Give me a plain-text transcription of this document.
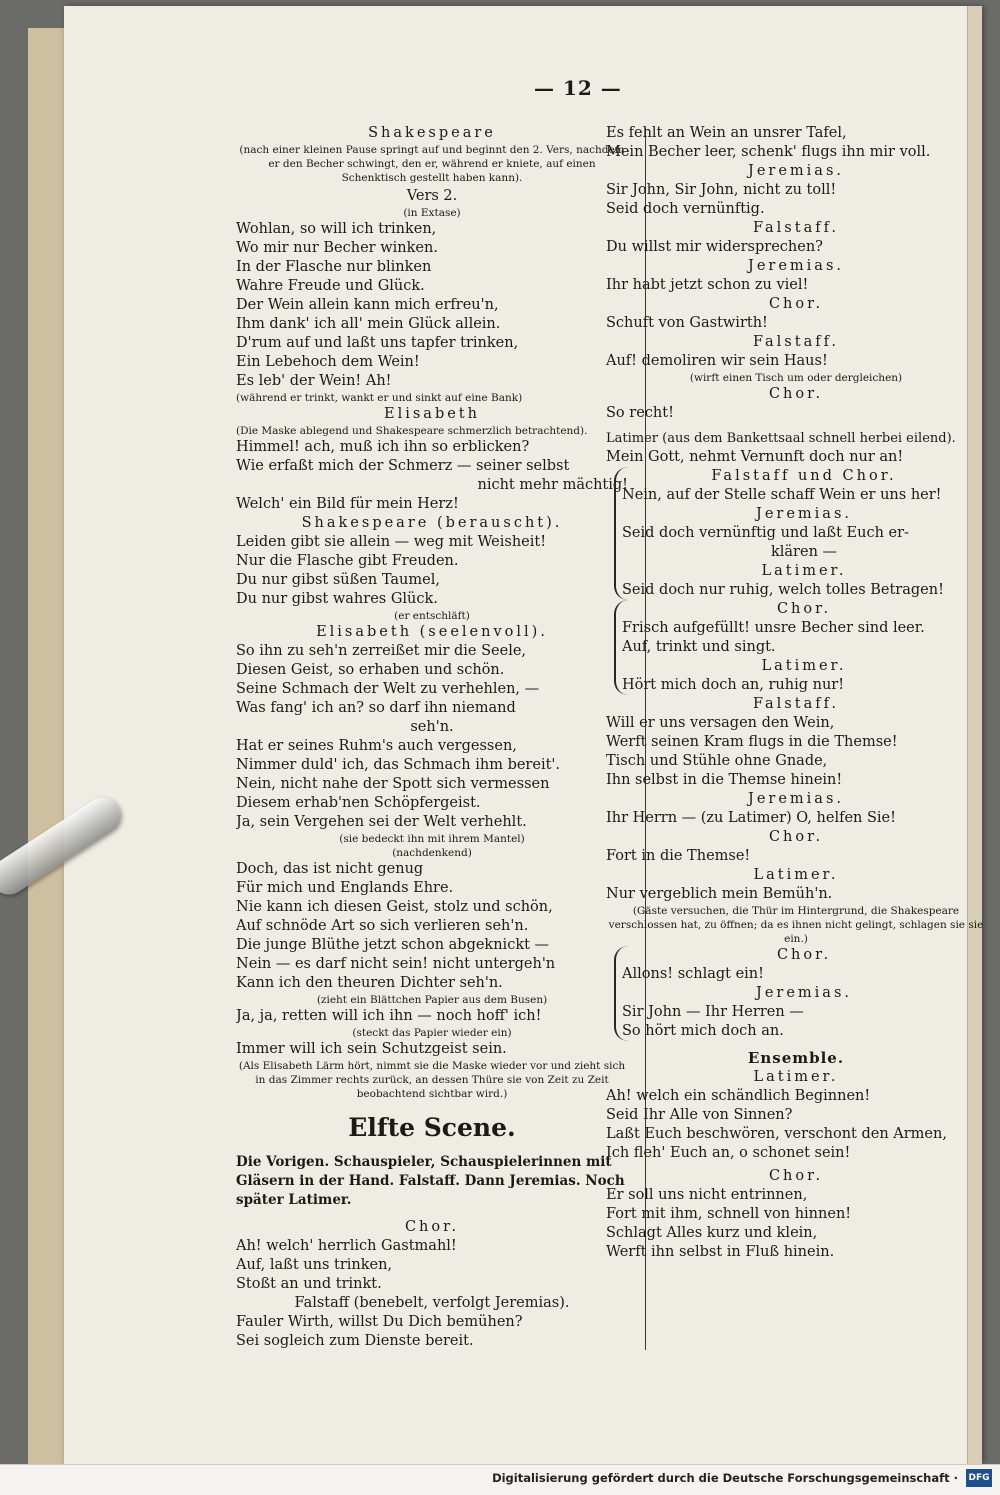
— 12 —
Shakespeare
(nach einer kleinen Pause springt auf und beginnt den 2. Vers, nachdem er den Becher schwingt, den er, während er kniete, auf einen Schenktisch gestellt haben kann).
Vers 2.
(in Extase)
Wohlan, so will ich trinken,
Wo mir nur Becher winken.
In der Flasche nur blinken
Wahre Freude und Glück.
Der Wein allein kann mich erfreu'n,
Ihm dank' ich all' mein Glück allein.
D'rum auf und laßt uns tapfer trinken,
Ein Lebehoch dem Wein!
Es leb' der Wein! Ah!
(während er trinkt, wankt er und sinkt auf eine Bank)
Elisabeth
(Die Maske ablegend und Shakespeare schmerzlich betrachtend).
Himmel! ach, muß ich ihn so erblicken?
Wie erfaßt mich der Schmerz — seiner selbst
nicht mehr mächtig!
Welch' ein Bild für mein Herz!
Shakespeare (berauscht).
Leiden gibt sie allein — weg mit Weisheit!
Nur die Flasche gibt Freuden.
Du nur gibst süßen Taumel,
Du nur gibst wahres Glück.
(er entschläft)
Elisabeth (seelenvoll).
So ihn zu seh'n zerreißet mir die Seele,
Diesen Geist, so erhaben und schön.
Seine Schmach der Welt zu verhehlen, —
Was fang' ich an? so darf ihn niemand
seh'n.
Hat er seines Ruhm's auch vergessen,
Nimmer duld' ich, das Schmach ihm bereit'.
Nein, nicht nahe der Spott sich vermessen
Diesem erhab'nen Schöpfergeist.
Ja, sein Vergehen sei der Welt verhehlt.
(sie bedeckt ihn mit ihrem Mantel)
(nachdenkend)
Doch, das ist nicht genug
Für mich und Englands Ehre.
Nie kann ich diesen Geist, stolz und schön,
Auf schnöde Art so sich verlieren seh'n.
Die junge Blüthe jetzt schon abgeknickt —
Nein — es darf nicht sein! nicht untergeh'n
Kann ich den theuren Dichter seh'n.
(zieht ein Blättchen Papier aus dem Busen)
Ja, ja, retten will ich ihn — noch hoff' ich!
(steckt das Papier wieder ein)
Immer will ich sein Schutzgeist sein.
(Als Elisabeth Lärm hört, nimmt sie die Maske wieder vor und zieht sich in das Zimmer rechts zurück, an dessen Thüre sie von Zeit zu Zeit beobachtend sichtbar wird.)
Elfte Scene.
Die Vorigen. Schauspieler, Schauspielerinnen mit Gläsern in der Hand. Falstaff. Dann Jeremias. Noch später Latimer.
Chor.
Ah! welch' herrlich Gastmahl!
Auf, laßt uns trinken,
Stoßt an und trinkt.
Falstaff (benebelt, verfolgt Jeremias).
Fauler Wirth, willst Du Dich bemühen?
Sei sogleich zum Dienste bereit.
Es fehlt an Wein an unsrer Tafel,
Mein Becher leer, schenk' flugs ihn mir voll.
Jeremias.
Sir John, Sir John, nicht zu toll!
Seid doch vernünftig.
Falstaff.
Du willst mir widersprechen?
Jeremias.
Ihr habt jetzt schon zu viel!
Chor.
Schuft von Gastwirth!
Falstaff.
Auf! demoliren wir sein Haus!
(wirft einen Tisch um oder dergleichen)
Chor.
So recht!
Latimer (aus dem Bankettsaal schnell herbei eilend).
Mein Gott, nehmt Vernunft doch nur an!
Falstaff und Chor.
Nein, auf der Stelle schaff Wein er uns her!
Jeremias.
Seid doch vernünftig und laßt Euch er-
klären —
Latimer.
Seid doch nur ruhig, welch tolles Betragen!
Chor.
Frisch aufgefüllt! unsre Becher sind leer.
Auf, trinkt und singt.
Latimer.
Hört mich doch an, ruhig nur!
Falstaff.
Will er uns versagen den Wein,
Werft seinen Kram flugs in die Themse!
Tisch und Stühle ohne Gnade,
Ihn selbst in die Themse hinein!
Jeremias.
Ihr Herrn — (zu Latimer) O, helfen Sie!
Chor.
Fort in die Themse!
Latimer.
Nur vergeblich mein Bemüh'n.
(Gäste versuchen, die Thür im Hintergrund, die Shakespeare verschlossen hat, zu öffnen; da es ihnen nicht gelingt, schlagen sie sie ein.)
Chor.
Allons! schlagt ein!
Jeremias.
Sir John — Ihr Herren —
So hört mich doch an.
Ensemble.
Latimer.
Ah! welch ein schändlich Beginnen!
Seid Ihr Alle von Sinnen?
Laßt Euch beschwören, verschont den Armen,
Ich fleh' Euch an, o schonet sein!
Chor.
Er soll uns nicht entrinnen,
Fort mit ihm, schnell von hinnen!
Schlagt Alles kurz und klein,
Werft ihn selbst in Fluß hinein.
Digitalisierung gefördert durch die Deutsche Forschungsgemeinschaft · DFG
